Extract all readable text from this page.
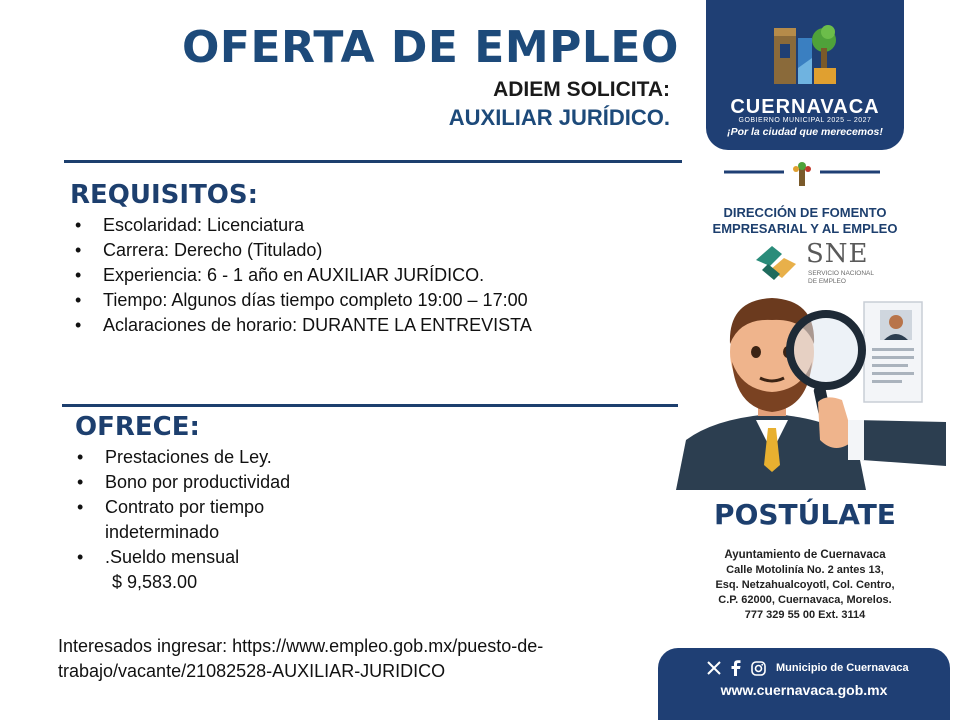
OFERTA DE EMPLEO
ADIEM SOLICITA:
AUXILIAR JURÍDICO.
REQUISITOS:
• Escolaridad: Licenciatura
• Carrera: Derecho (Titulado)
• Experiencia: 6 - 1 año en AUXILIAR JURÍDICO.
• Tiempo: Algunos días tiempo completo 19:00 – 17:00
• Aclaraciones de horario: DURANTE LA ENTREVISTA
OFRECE:
• Prestaciones de Ley.
• Bono por productividad
• Contrato por tiempo
indeterminado
• .Sueldo mensual
$ 9,583.00
Interesados ingresar: https://www.empleo.gob.mx/puesto-de-trabajo/vacante/21082528-AUXILIAR-JURIDICO
CUERNAVACA
GOBIERNO MUNICIPAL 2025 – 2027
¡Por la ciudad que merecemos!
DIRECCIÓN DE FOMENTO
EMPRESARIAL Y AL EMPLEO
SNE
SERVICIO NACIONAL
DE EMPLEO
POSTÚLATE
Ayuntamiento de Cuernavaca
Calle Motolinía No. 2 antes 13,
Esq. Netzahualcoyotl, Col. Centro,
C.P. 62000, Cuernavaca, Morelos.
777 329 55 00 Ext. 3114
Municipio de Cuernavaca
www.cuernavaca.gob.mx
